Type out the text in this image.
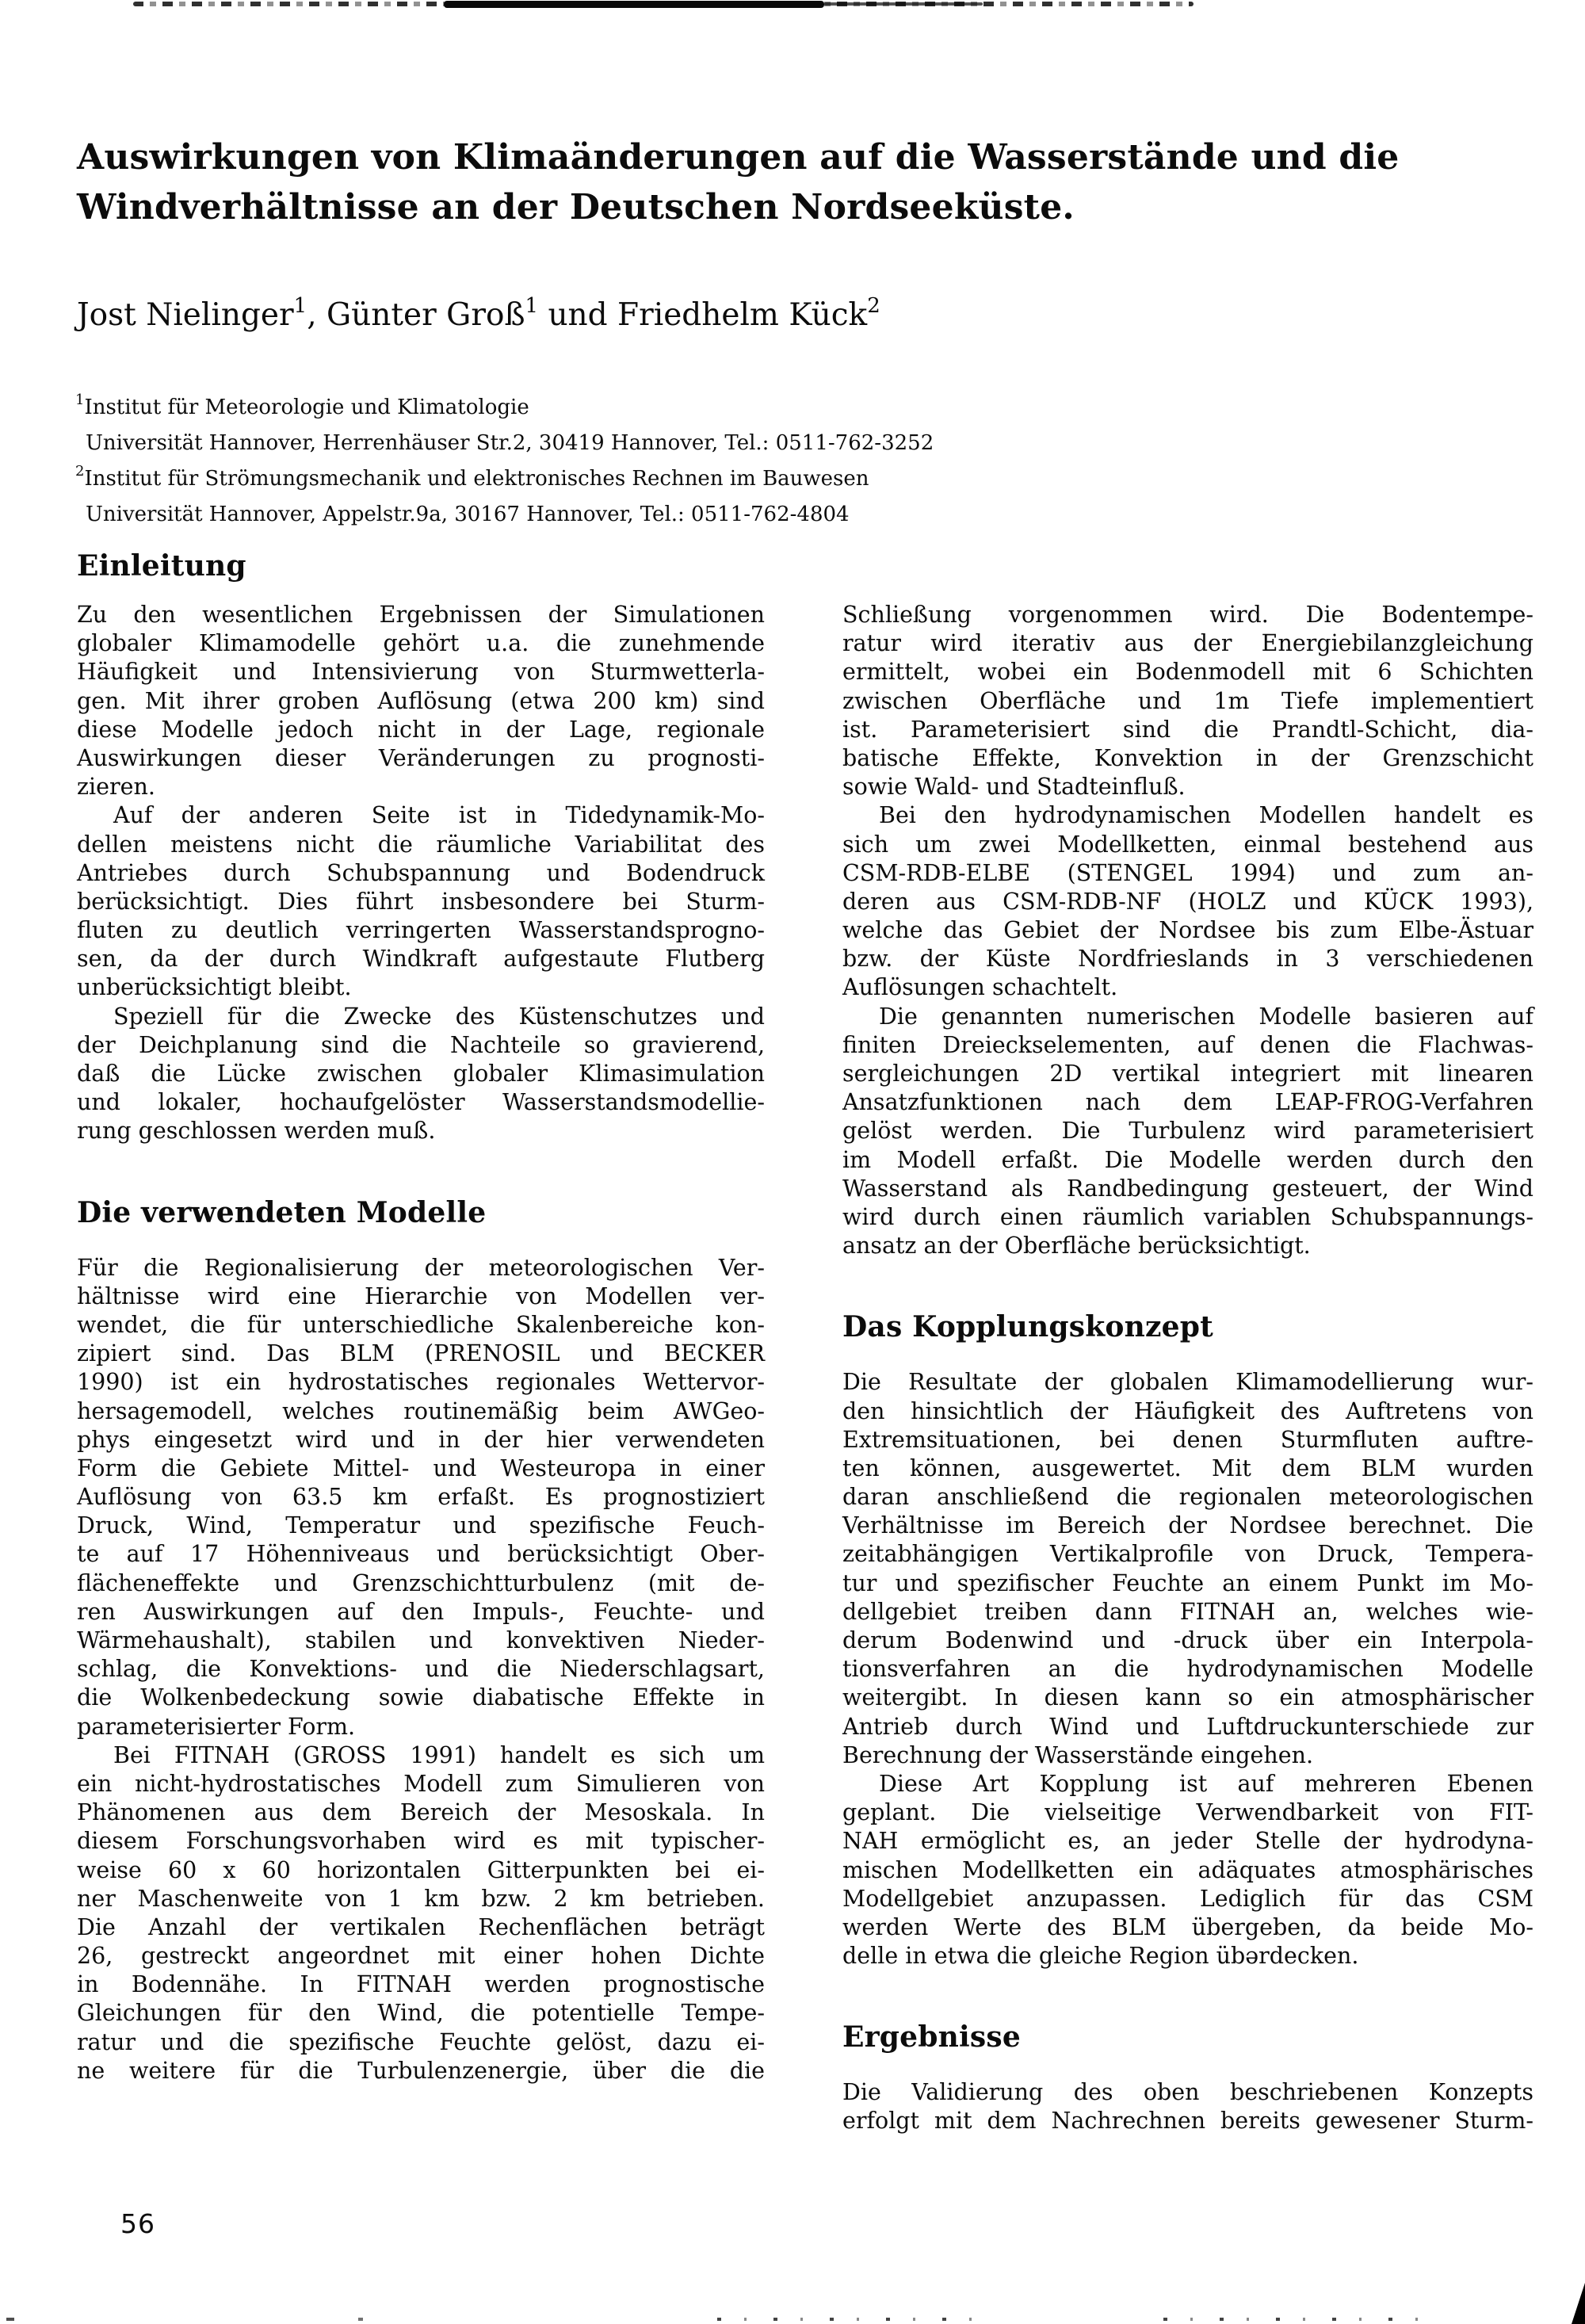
Auswirkungen von Klimaänderungen auf die Wasserstände und die
Windverhältnisse an der Deutschen Nordseeküste.
Jost Nielinger$^1$, Günter Groß$^1$ und Friedhelm Kück$^2$
$^1$Institut für Meteorologie und Klimatologie
Universität Hannover, Herrenhäuser Str.2, 30419 Hannover, Tel.: 0511-762-3252
$^2$Institut für Strömungsmechanik und elektronisches Rechnen im Bauwesen
Universität Hannover, Appelstr.9a, 30167 Hannover, Tel.: 0511-762-4804
Einleitung
Zu den wesentlichen Ergebnissen der Simulationen
globaler Klimamodelle gehört u.a. die zunehmende
Häufigkeit und Intensivierung von Sturmwetterla-
gen. Mit ihrer groben Auflösung (etwa 200 km) sind
diese Modelle jedoch nicht in der Lage, regionale
Auswirkungen dieser Veränderungen zu prognosti-
zieren.
Auf der anderen Seite ist in Tidedynamik-Mo-
dellen meistens nicht die räumliche Variabilitat des
Antriebes durch Schubspannung und Bodendruck
berücksichtigt. Dies führt insbesondere bei Sturm-
fluten zu deutlich verringerten Wasserstandsprogno-
sen, da der durch Windkraft aufgestaute Flutberg
unberücksichtigt bleibt.
Speziell für die Zwecke des Küstenschutzes und
der Deichplanung sind die Nachteile so gravierend,
daß die Lücke zwischen globaler Klimasimulation
und lokaler, hochaufgelöster Wasserstandsmodellie-
rung geschlossen werden muß.
Die verwendeten Modelle
Für die Regionalisierung der meteorologischen Ver-
hältnisse wird eine Hierarchie von Modellen ver-
wendet, die für unterschiedliche Skalenbereiche kon-
zipiert sind. Das BLM (PRENOSIL und BECKER
1990) ist ein hydrostatisches regionales Wettervor-
hersagemodell, welches routinemäßig beim AWGeo-
phys eingesetzt wird und in der hier verwendeten
Form die Gebiete Mittel- und Westeuropa in einer
Auflösung von 63.5 km erfaßt. Es prognostiziert
Druck, Wind, Temperatur und spezifische Feuch-
te auf 17 Höhenniveaus und berücksichtigt Ober-
flächeneffekte und Grenzschichtturbulenz (mit de-
ren Auswirkungen auf den Impuls-, Feuchte- und
Wärmehaushalt), stabilen und konvektiven Nieder-
schlag, die Konvektions- und die Niederschlagsart,
die Wolkenbedeckung sowie diabatische Effekte in
parameterisierter Form.
Bei FITNAH (GROSS 1991) handelt es sich um
ein nicht-hydrostatisches Modell zum Simulieren von
Phänomenen aus dem Bereich der Mesoskala. In
diesem Forschungsvorhaben wird es mit typischer-
weise 60 x 60 horizontalen Gitterpunkten bei ei-
ner Maschenweite von 1 km bzw. 2 km betrieben.
Die Anzahl der vertikalen Rechenflächen beträgt
26, gestreckt angeordnet mit einer hohen Dichte
in Bodennähe. In FITNAH werden prognostische
Gleichungen für den Wind, die potentielle Tempe-
ratur und die spezifische Feuchte gelöst, dazu ei-
ne weitere für die Turbulenzenergie, über die die
Schließung vorgenommen wird. Die Bodentempe-
ratur wird iterativ aus der Energiebilanzgleichung
ermittelt, wobei ein Bodenmodell mit 6 Schichten
zwischen Oberfläche und 1m Tiefe implementiert
ist. Parameterisiert sind die Prandtl-Schicht, dia-
batische Effekte, Konvektion in der Grenzschicht
sowie Wald- und Stadteinfluß.
Bei den hydrodynamischen Modellen handelt es
sich um zwei Modellketten, einmal bestehend aus
CSM-RDB-ELBE (STENGEL 1994) und zum an-
deren aus CSM-RDB-NF (HOLZ und KÜCK 1993),
welche das Gebiet der Nordsee bis zum Elbe-Ästuar
bzw. der Küste Nordfrieslands in 3 verschiedenen
Auflösungen schachtelt.
Die genannten numerischen Modelle basieren auf
finiten Dreieckselementen, auf denen die Flachwas-
sergleichungen 2D vertikal integriert mit linearen
Ansatzfunktionen nach dem LEAP-FROG-Verfahren
gelöst werden. Die Turbulenz wird parameterisiert
im Modell erfaßt. Die Modelle werden durch den
Wasserstand als Randbedingung gesteuert, der Wind
wird durch einen räumlich variablen Schubspannungs-
ansatz an der Oberfläche berücksichtigt.
Das Kopplungskonzept
Die Resultate der globalen Klimamodellierung wur-
den hinsichtlich der Häufigkeit des Auftretens von
Extremsituationen, bei denen Sturmfluten auftre-
ten können, ausgewertet. Mit dem BLM wurden
daran anschließend die regionalen meteorologischen
Verhältnisse im Bereich der Nordsee berechnet. Die
zeitabhängigen Vertikalprofile von Druck, Tempera-
tur und spezifischer Feuchte an einem Punkt im Mo-
dellgebiet treiben dann FITNAH an, welches wie-
derum Bodenwind und -druck über ein Interpola-
tionsverfahren an die hydrodynamischen Modelle
weitergibt. In diesen kann so ein atmosphärischer
Antrieb durch Wind und Luftdruckunterschiede zur
Berechnung der Wasserstände eingehen.
Diese Art Kopplung ist auf mehreren Ebenen
geplant. Die vielseitige Verwendbarkeit von FIT-
NAH ermöglicht es, an jeder Stelle der hydrodyna-
mischen Modellketten ein adäquates atmosphärisches
Modellgebiet anzupassen. Lediglich für das CSM
werden Werte des BLM übergeben, da beide Mo-
delle in etwa die gleiche Region übərdecken.
Ergebnisse
Die Validierung des oben beschriebenen Konzepts
erfolgt mit dem Nachrechnen bereits gewesener Sturm-
56
